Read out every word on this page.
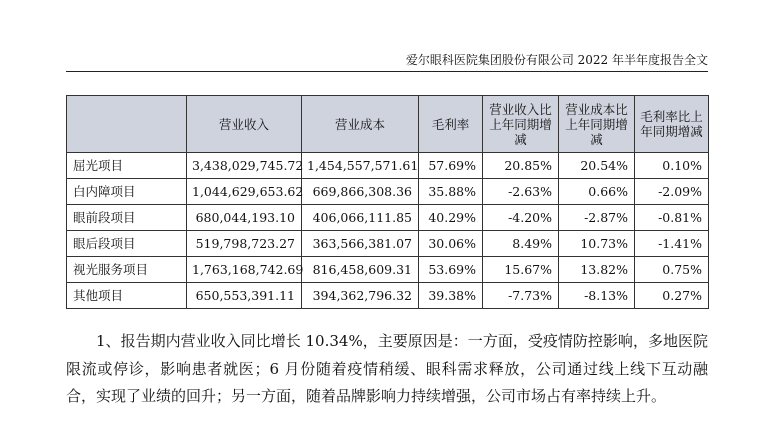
爱尔眼科医院集团股份有限公司 2022 年半年度报告全文
	营业收入	营业成本	毛利率	营业收入比上年同期增减	营业成本比上年同期增减	毛利率比上年同期增减
屈光项目	3,438,029,745.72	1,454,557,571.61	57.69%	20.85%	20.54%	0.10%
白内障项目	1,044,629,653.62	669,866,308.36	35.88%	-2.63%	0.66%	-2.09%
眼前段项目	680,044,193.10	406,066,111.85	40.29%	-4.20%	-2.87%	-0.81%
眼后段项目	519,798,723.27	363,566,381.07	30.06%	8.49%	10.73%	-1.41%
视光服务项目	1,763,168,742.69	816,458,609.31	53.69%	15.67%	13.82%	0.75%
其他项目	650,553,391.11	394,362,796.32	39.38%	-7.73%	-8.13%	0.27%

1、报告期内营业收入同比增长 10.34%，主要原因是：一方面，受疫情防控影响，多地医院限流或停诊，影响患者就医；6 月份随着疫情稍缓、眼科需求释放，公司通过线上线下互动融合，实现了业绩的回升；另一方面，随着品牌影响力持续增强，公司市场占有率持续上升。
